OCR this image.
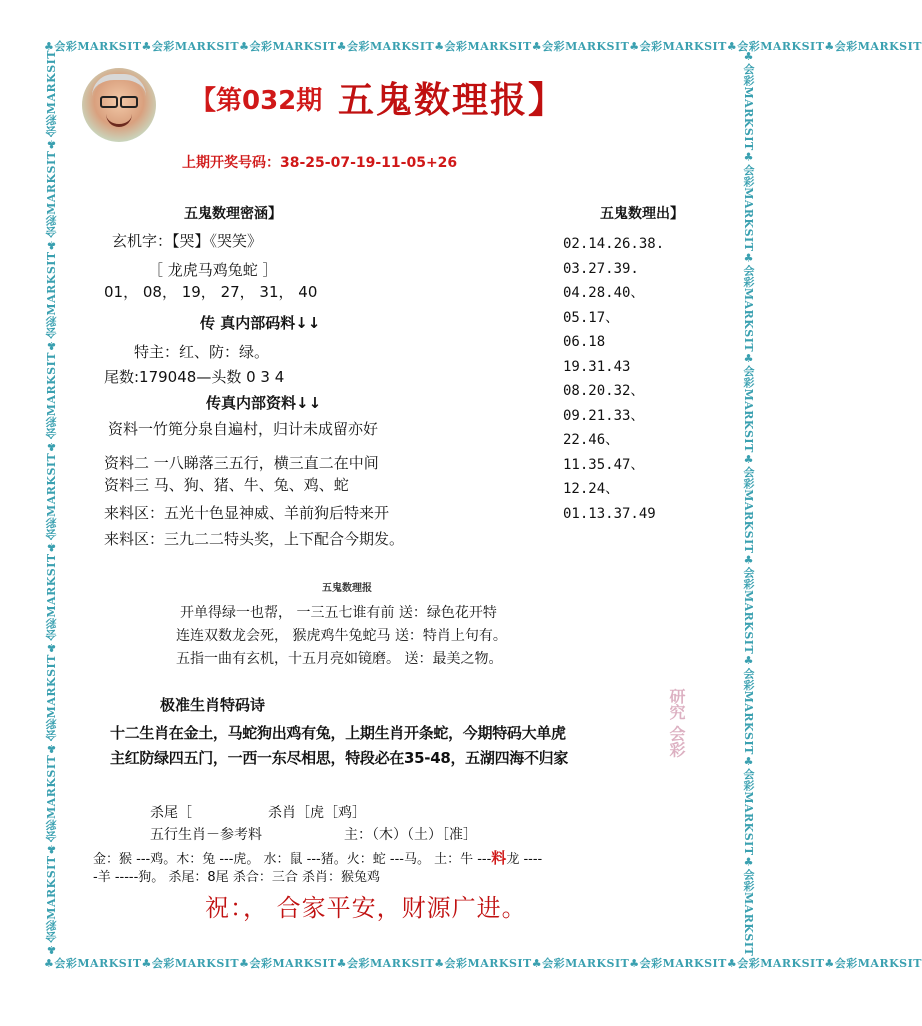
♣会彩MARKSIT♣会彩MARKSIT♣会彩MARKSIT♣会彩MARKSIT♣会彩MARKSIT♣会彩MARKSIT♣会彩MARKSIT♣会彩MARKSIT♣会彩MARKSIT
♣会彩MARKSIT♣会彩MARKSIT♣会彩MARKSIT♣会彩MARKSIT♣会彩MARKSIT♣会彩MARKSIT♣会彩MARKSIT♣会彩MARKSIT♣会彩MARKSIT
♣会彩MARKSIT♣会彩MARKSIT♣会彩MARKSIT♣会彩MARKSIT♣会彩MARKSIT♣会彩MARKSIT♣会彩MARKSIT♣会彩MARKSIT♣会彩MARKSIT	♣会彩MARKSIT♣会彩MARKSIT♣会彩MARKSIT♣会彩MARKSIT♣会彩MARKSIT♣会彩MARKSIT♣会彩MARKSIT♣会彩MARKSIT♣会彩MARKSIT
【第032期 五鬼数理报】
上期开奖号码：38-25-07-19-11-05+26
五鬼数理密涵】
玄机字：【哭】《哭笑》
［ 龙虎马鸡兔蛇 ］
01， 08， 19， 27， 31， 40
传 真内部码料↓↓
特主：红、防：绿。
尾数:179048—头数 0 3 4
传真内部资料↓↓
资料一竹篼分泉自遍村，归计未成留亦好
资料二 一八睇落三五行，横三直二在中间
资料三 马、狗、猪、牛、兔、鸡、蛇
来料区：五光十色显神威、羊前狗后特来开
来料区：三九二二特头奖，上下配合今期发。
五鬼数理出】
02.14.26.38.
03.27.39.
04.28.40、
05.17、
06.18
19.31.43
08.20.32、
09.21.33、
22.46、
11.35.47、
12.24、
01.13.37.49
五鬼数理报
开单得绿一也帮， 一三五七谁有前 送：绿色花开特
连连双数龙会死， 猴虎鸡牛兔蛇马 送：特肖上句有。
五指一曲有玄机，十五月亮如镜磨。 送：最美之物。
极准生肖特码诗
十二生肖在金土，马蛇狗出鸡有兔，上期生肖开条蛇，今期特码大单虎
主红防绿四五门，一西一东尽相思，特段必在35-48，五湖四海不归家
研究 会彩
杀尾［	杀肖［虎［鸡］
五行生肖－参考料	主：（木）（土）［准］
金：猴 ---鸡。木：兔 ---虎。 水：鼠 ---猪。火：蛇 ---马。 土：牛 ---料龙 ----
-羊 -----狗。 杀尾：8尾 杀合：三合 杀肖：猴兔鸡
祝：， 合家平安，财源广进。
